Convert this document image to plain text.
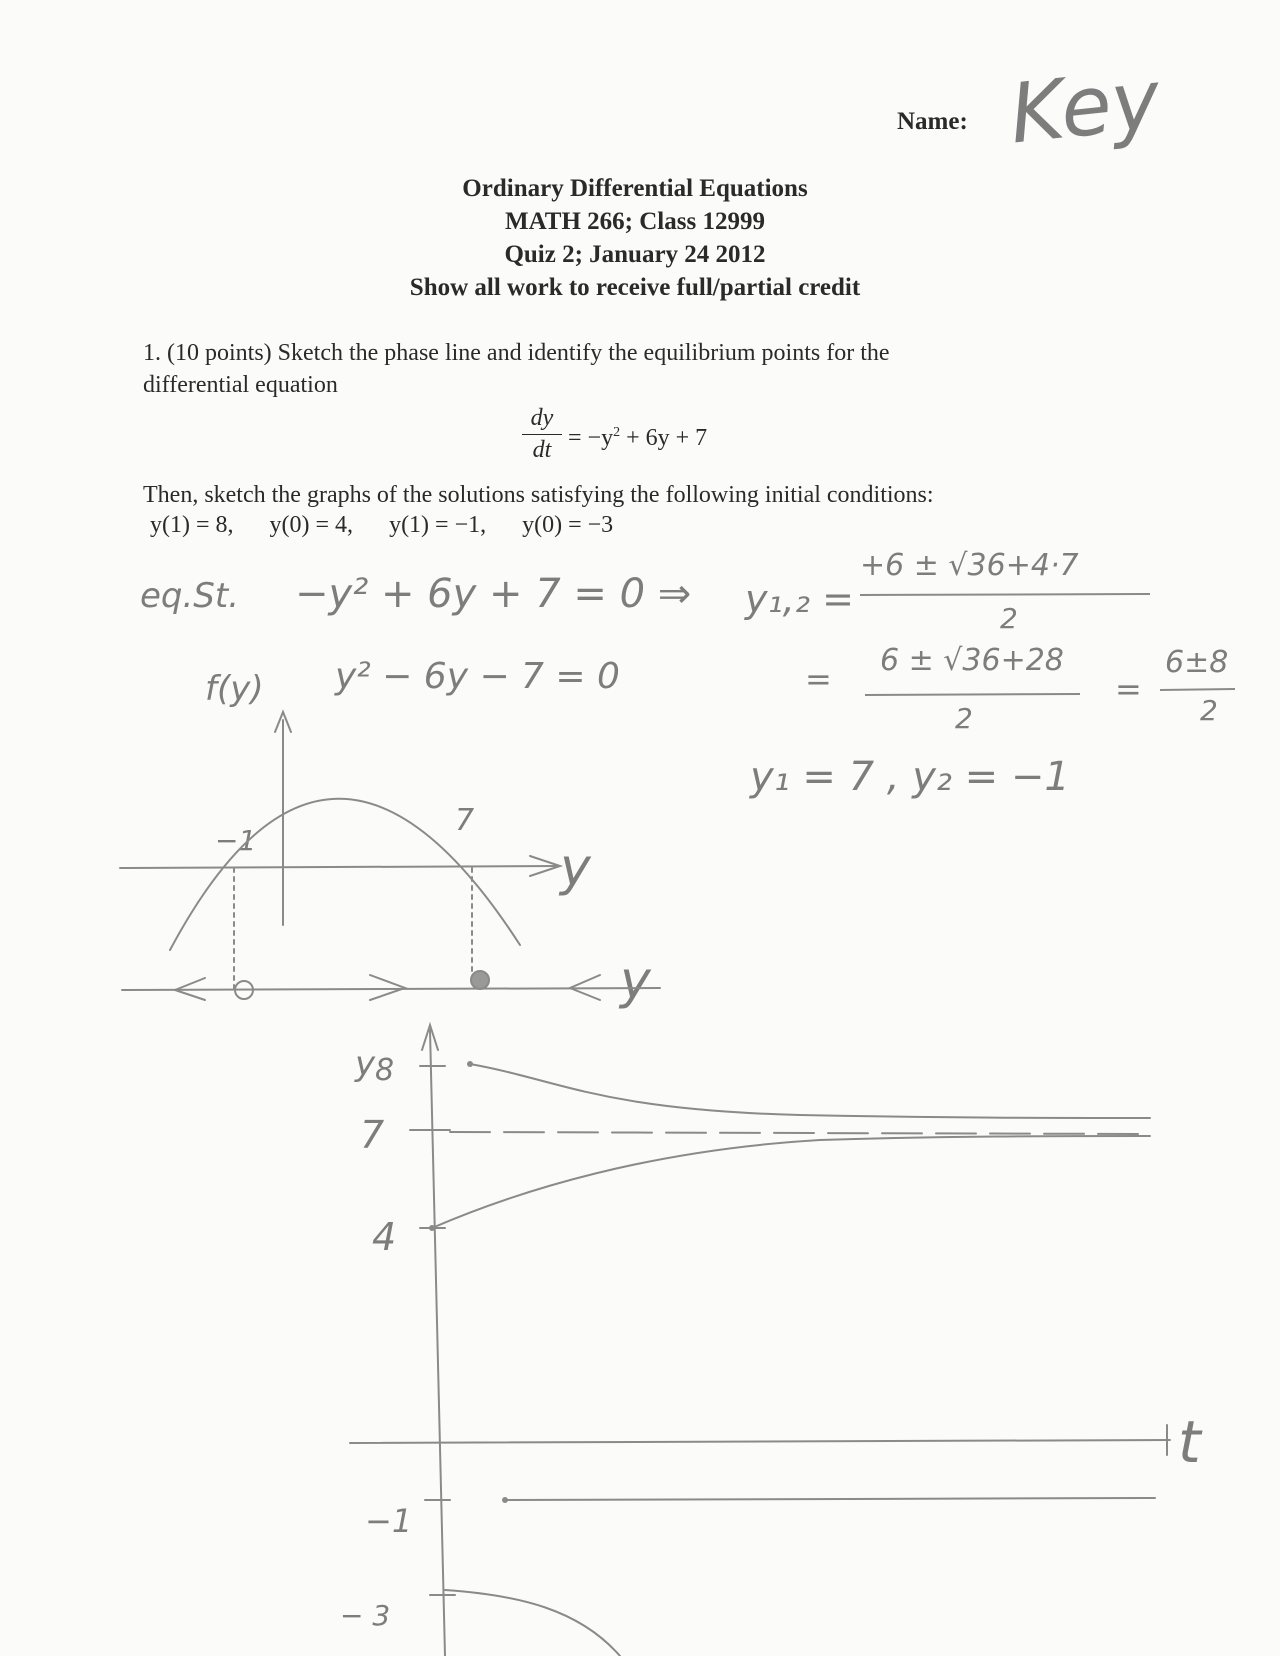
Name: Key

Ordinary Differential Equations

MATH 266; Class 12999

Quiz 2; January 24 2012

Show all work to receive full/partial credit

1. (10 points) Sketch the phase line and identify the equilibrium points for the

differential equation

$\frac{dy}{dt} = -y^2 + 6y + 7$

Then, sketch the graphs of the solutions satisfying the following initial conditions:

y(1) = 8, y(0) = 4, y(1) = −1, y(0) = −3

eq.St. −y² + 6y + 7 = 0 ⇒ y₁,₂ =
+6 ± √36+4·7
2
f(y) y² − 6y − 7 = 0	= 6 ± √36+28
2
=
6±8
2
y₁ = 7 , y₂ = −1
−1
7
y
y
y 8
7
4
−1
− 3
t
